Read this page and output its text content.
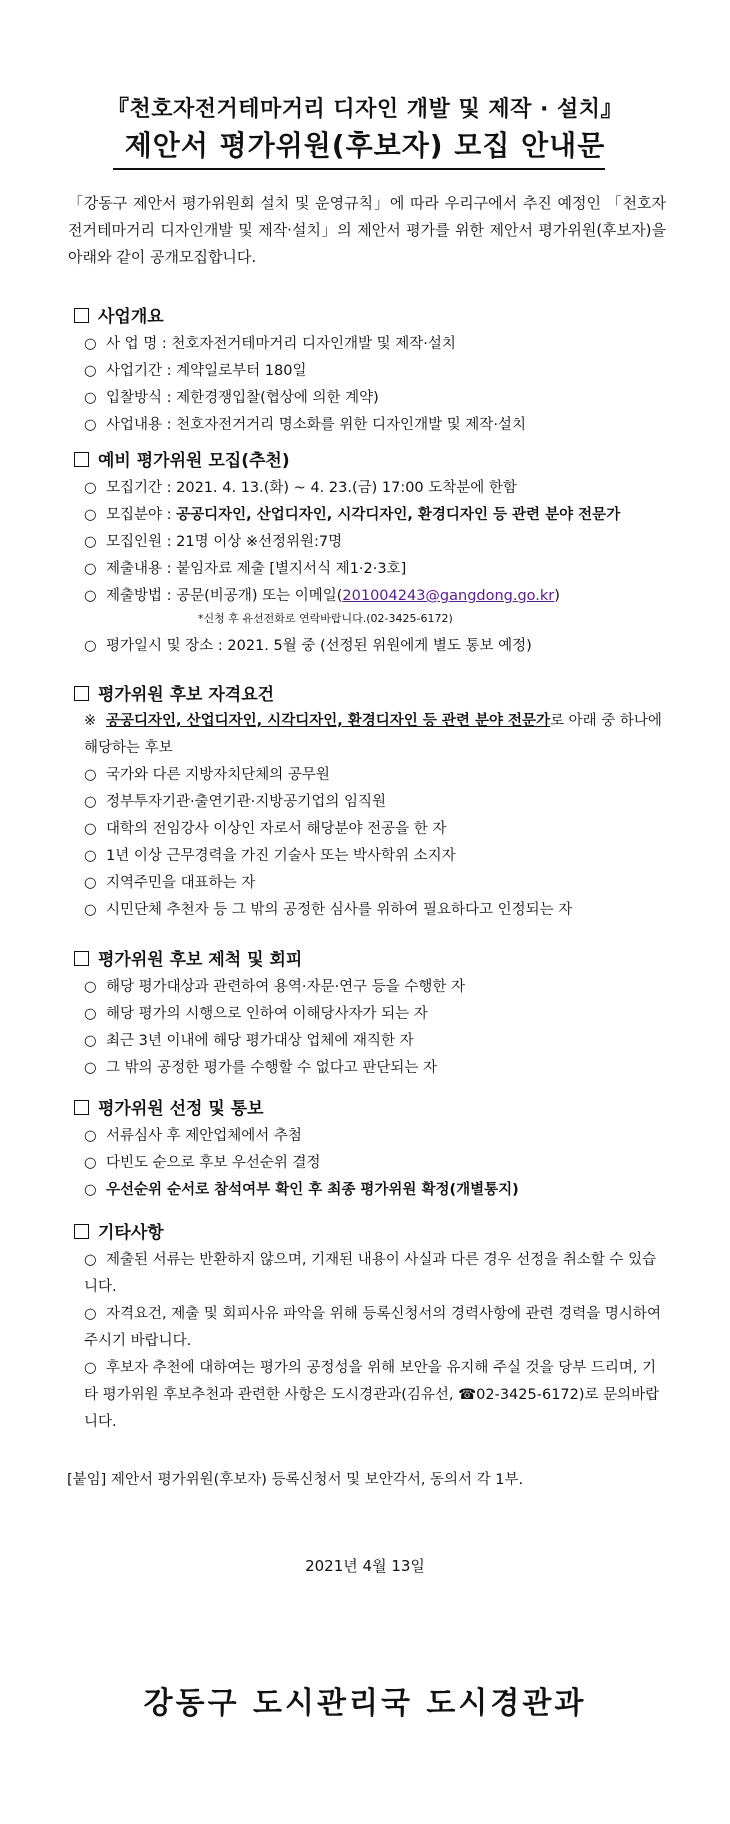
『천호자전거테마거리 디자인 개발 및 제작 · 설치』
제안서 평가위원(후보자) 모집 안내문
「강동구 제안서 평가위원회 설치 및 운영규칙」에 따라 우리구에서 추진 예정인 「천호자전거테마거리 디자인개발 및 제작·설치」의 제안서 평가를 위한 제안서 평가위원(후보자)을 아래와 같이 공개모집합니다.
사업개요
○ 사 업 명 : 천호자전거테마거리 디자인개발 및 제작·설치
○ 사업기간 : 계약일로부터 180일
○ 입찰방식 : 제한경쟁입찰(협상에 의한 계약)
○ 사업내용 : 천호자전거거리 명소화를 위한 디자인개발 및 제작·설치
예비 평가위원 모집(추천)
○ 모집기간 : 2021. 4. 13.(화) ~ 4. 23.(금) 17:00 도착분에 한함
○ 모집분야 : 공공디자인, 산업디자인, 시각디자인, 환경디자인 등 관련 분야 전문가
○ 모집인원 : 21명 이상 ※선정위원:7명
○ 제출내용 : 붙임자료 제출 [별지서식 제1·2·3호]
○ 제출방법 : 공문(비공개) 또는 이메일(201004243@gangdong.go.kr)
*신청 후 유선전화로 연락바랍니다.(02-3425-6172)
○ 평가일시 및 장소 : 2021. 5월 중 (선정된 위원에게 별도 통보 예정)
평가위원 후보 자격요건
※ 공공디자인, 산업디자인, 시각디자인, 환경디자인 등 관련 분야 전문가로 아래 중 하나에 해당하는 후보
○ 국가와 다른 지방자치단체의 공무원
○ 정부투자기관·출연기관·지방공기업의 임직원
○ 대학의 전임강사 이상인 자로서 해당분야 전공을 한 자
○ 1년 이상 근무경력을 가진 기술사 또는 박사학위 소지자
○ 지역주민을 대표하는 자
○ 시민단체 추천자 등 그 밖의 공정한 심사를 위하여 필요하다고 인정되는 자
평가위원 후보 제척 및 회피
○ 해당 평가대상과 관련하여 용역·자문·연구 등을 수행한 자
○ 해당 평가의 시행으로 인하여 이해당사자가 되는 자
○ 최근 3년 이내에 해당 평가대상 업체에 재직한 자
○ 그 밖의 공정한 평가를 수행할 수 없다고 판단되는 자
평가위원 선정 및 통보
○ 서류심사 후 제안업체에서 추첨
○ 다빈도 순으로 후보 우선순위 결정
○ 우선순위 순서로 참석여부 확인 후 최종 평가위원 확정(개별통지)
기타사항
○ 제출된 서류는 반환하지 않으며, 기재된 내용이 사실과 다른 경우 선정을 취소할 수 있습니다.
○ 자격요건, 제출 및 회피사유 파악을 위해 등록신청서의 경력사항에 관련 경력을 명시하여 주시기 바랍니다.
○ 후보자 추천에 대하여는 평가의 공정성을 위해 보안을 유지해 주실 것을 당부 드리며, 기타 평가위원 후보추천과 관련한 사항은 도시경관과(김유선, ☎02-3425-6172)로 문의바랍니다.
[붙임] 제안서 평가위원(후보자) 등록신청서 및 보안각서, 동의서 각 1부.
2021년 4월 13일
강동구 도시관리국 도시경관과
